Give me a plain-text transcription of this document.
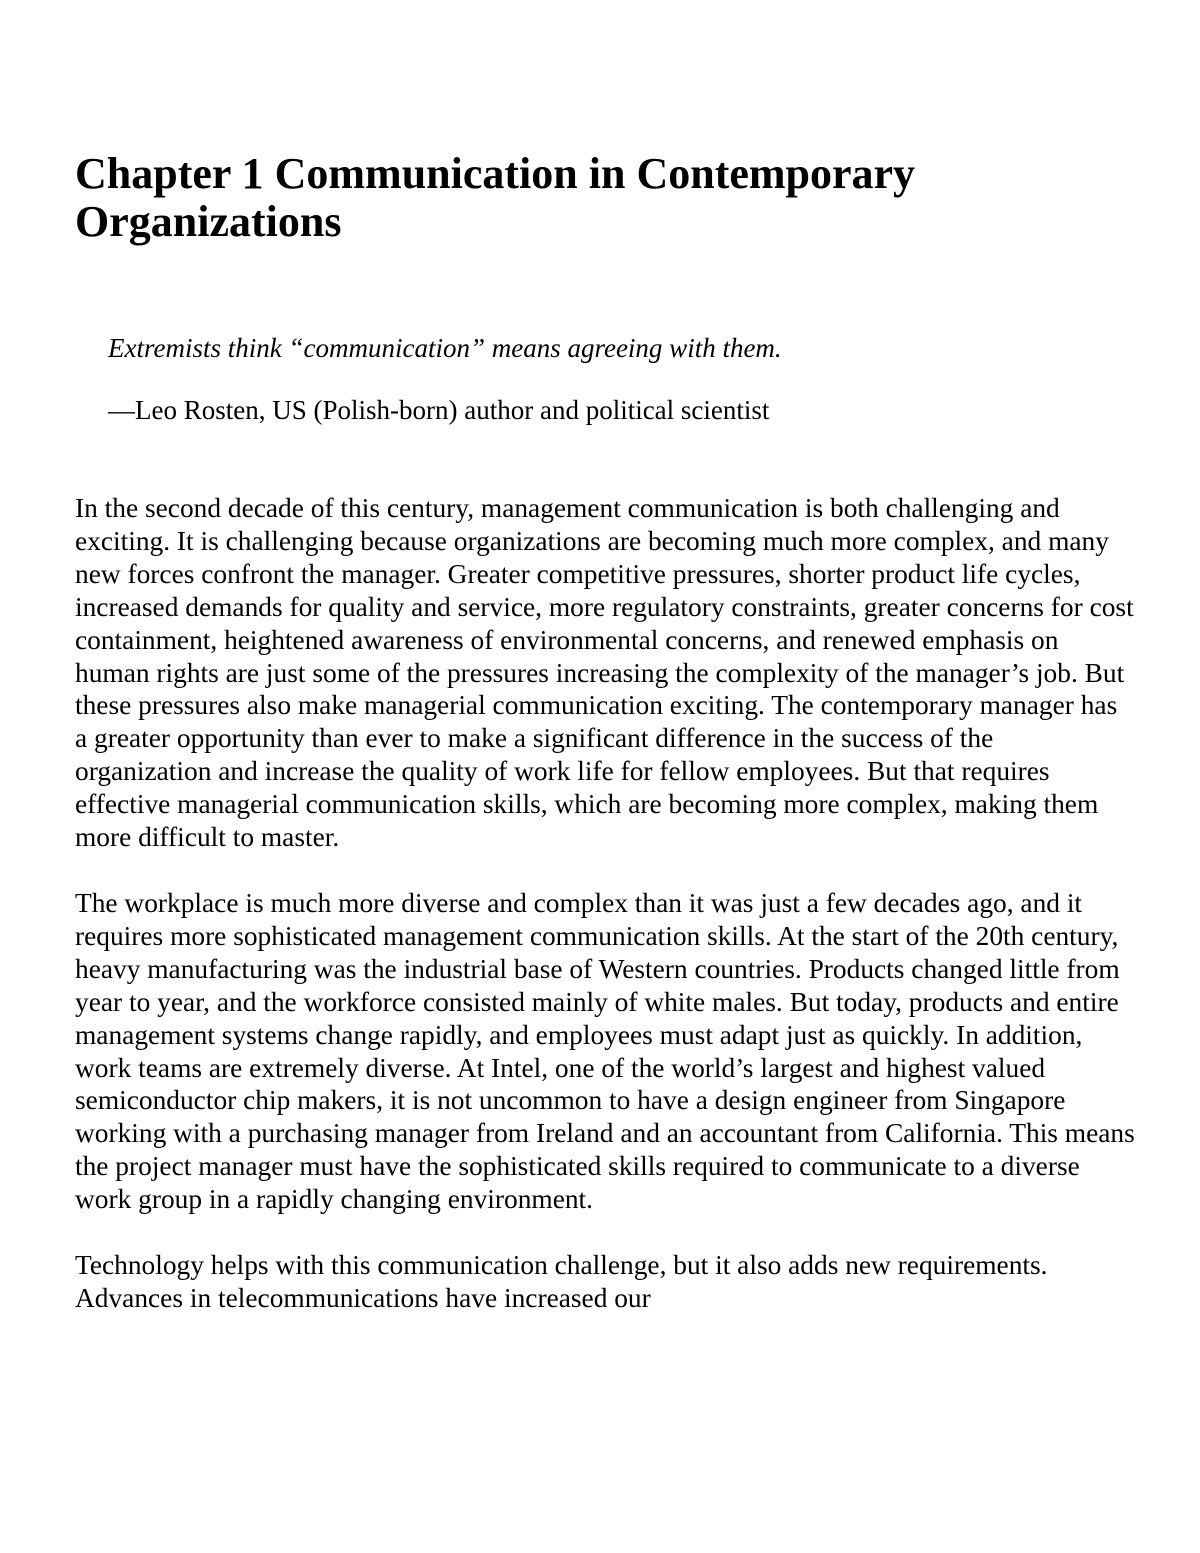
Chapter 1 Communication in Contemporary Organizations

Extremists think “communication” means agreeing with them.

—Leo Rosten, US (Polish-born) author and political scientist

In the second decade of this century, management communication is both challenging and exciting. It is challenging because organizations are becoming much more complex, and many new forces confront the manager. Greater competitive pressures, shorter product life cycles, increased demands for quality and service, more regulatory constraints, greater concerns for cost containment, heightened awareness of environmental concerns, and renewed emphasis on human rights are just some of the pressures increasing the complexity of the manager’s job. But these pressures also make managerial communication exciting. The contemporary manager has a greater opportunity than ever to make a significant difference in the success of the organization and increase the quality of work life for fellow employees. But that requires effective managerial communication skills, which are becoming more complex, making them more difficult to master.

The workplace is much more diverse and complex than it was just a few decades ago, and it requires more sophisticated management communication skills. At the start of the 20th century, heavy manufacturing was the industrial base of Western countries. Products changed little from year to year, and the workforce consisted mainly of white males. But today, products and entire management systems change rapidly, and employees must adapt just as quickly. In addition, work teams are extremely diverse. At Intel, one of the world’s largest and highest valued semiconductor chip makers, it is not uncommon to have a design engineer from Singapore working with a purchasing manager from Ireland and an accountant from California. This means the project manager must have the sophisticated skills required to communicate to a diverse work group in a rapidly changing environment.

Technology helps with this communication challenge, but it also adds new requirements. Advances in telecommunications have increased our
